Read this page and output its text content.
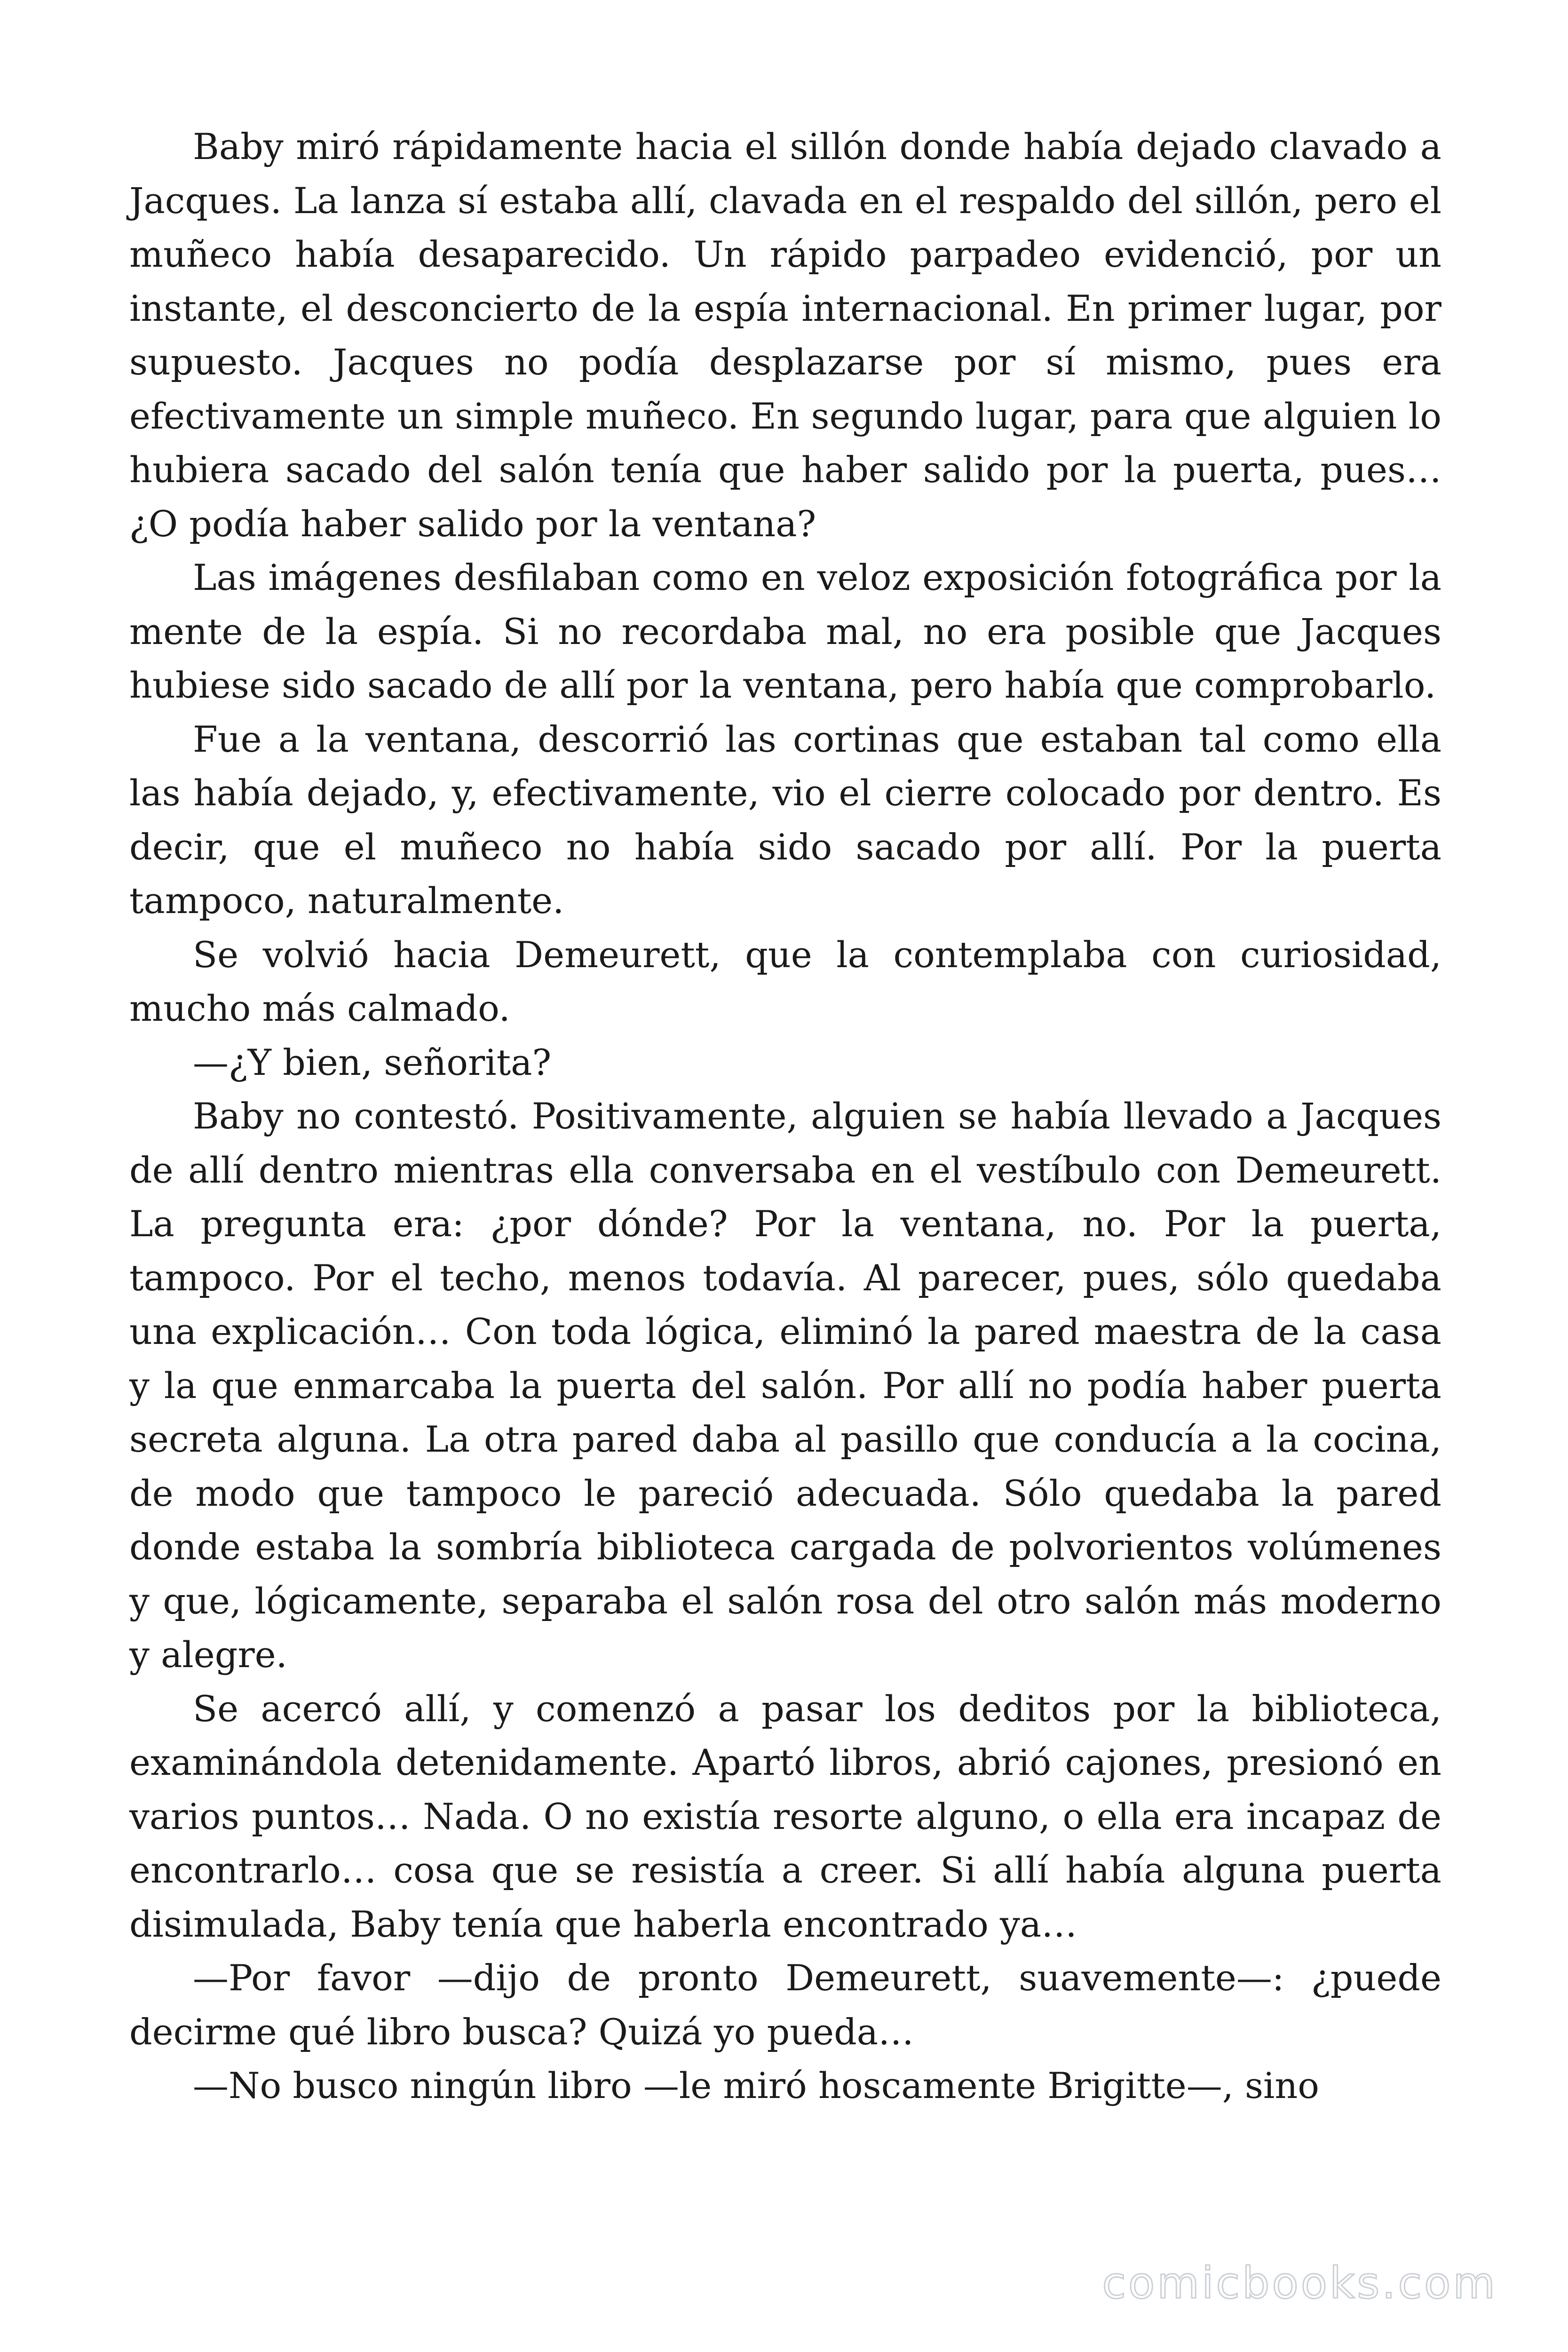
Baby miró rápidamente hacia el sillón donde había dejado clavado a Jacques. La lanza sí estaba allí, clavada en el respaldo del sillón, pero el muñeco había desaparecido. Un rápido parpadeo evidenció, por un instante, el desconcierto de la espía internacional. En primer lugar, por supuesto. Jacques no podía desplazarse por sí mismo, pues era efectivamente un simple muñeco. En segundo lugar, para que alguien lo hubiera sacado del salón tenía que haber salido por la puerta, pues… ¿O podía haber salido por la ventana?

Las imágenes desfilaban como en veloz exposición fotográfica por la mente de la espía. Si no recordaba mal, no era posible que Jacques hubiese sido sacado de allí por la ventana, pero había que comprobarlo.

Fue a la ventana, descorrió las cortinas que estaban tal como ella las había dejado, y, efectivamente, vio el cierre colocado por dentro. Es decir, que el muñeco no había sido sacado por allí. Por la puerta tampoco, naturalmente.

Se volvió hacia Demeurett, que la contemplaba con curiosidad, mucho más calmado.

—¿Y bien, señorita?

Baby no contestó. Positivamente, alguien se había llevado a Jacques de allí dentro mientras ella conversaba en el vestíbulo con Demeurett. La pregunta era: ¿por dónde? Por la ventana, no. Por la puerta, tampoco. Por el techo, menos todavía. Al parecer, pues, sólo quedaba una explicación… Con toda lógica, eliminó la pared maestra de la casa y la que enmarcaba la puerta del salón. Por allí no podía haber puerta secreta alguna. La otra pared daba al pasillo que conducía a la cocina, de modo que tampoco le pareció adecuada. Sólo quedaba la pared donde estaba la sombría biblioteca cargada de polvorientos volúmenes y que, lógicamente, separaba el salón rosa del otro salón más moderno y alegre.

Se acercó allí, y comenzó a pasar los deditos por la biblioteca, examinándola detenidamente. Apartó libros, abrió cajones, presionó en varios puntos… Nada. O no existía resorte alguno, o ella era incapaz de encontrarlo… cosa que se resistía a creer. Si allí había alguna puerta disimulada, Baby tenía que haberla encontrado ya…

—Por favor —dijo de pronto Demeurett, suavemente—: ¿puede decirme qué libro busca? Quizá yo pueda…

—No busco ningún libro —le miró hoscamente Brigitte—, sino

comicbooks.com
